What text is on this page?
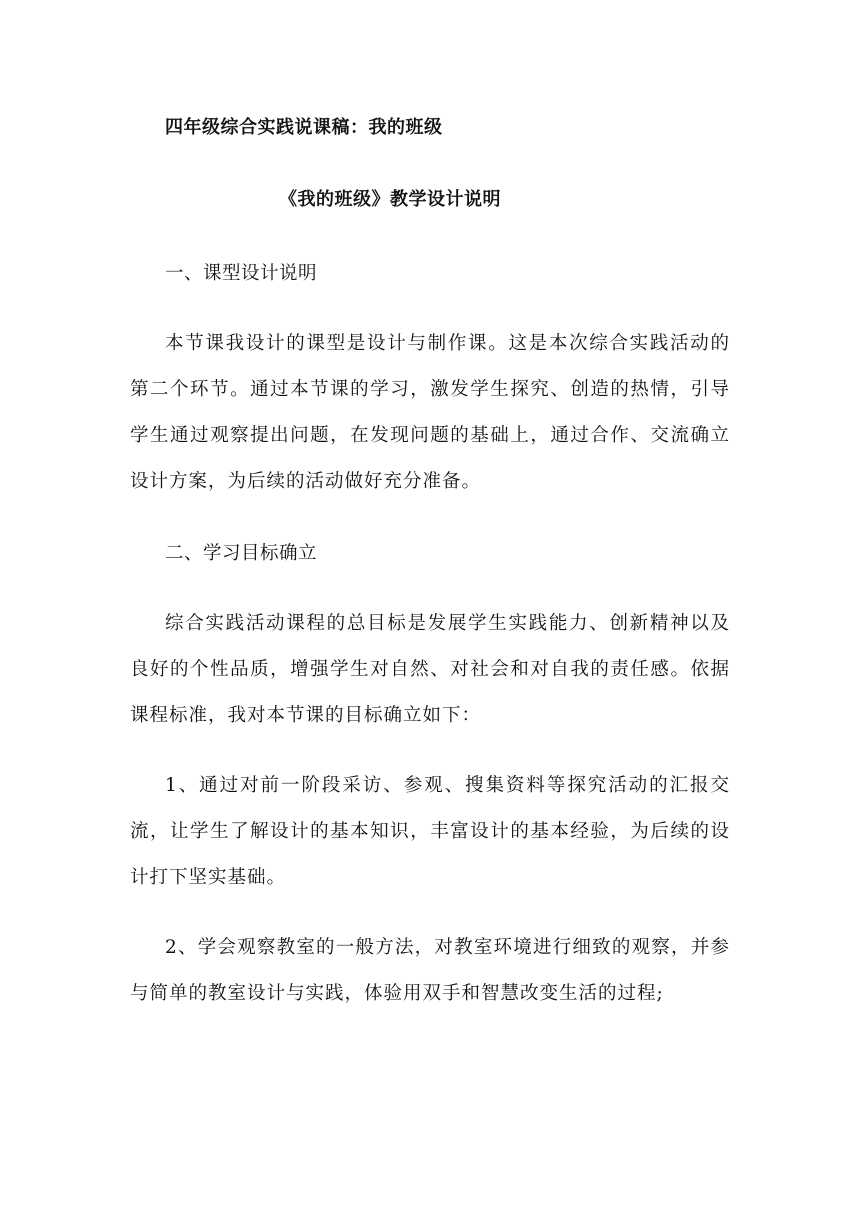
四年级综合实践说课稿：我的班级
《我的班级》教学设计说明
一、课型设计说明
本节课我设计的课型是设计与制作课。这是本次综合实践活动的第二个环节。通过本节课的学习，激发学生探究、创造的热情，引导学生通过观察提出问题，在发现问题的基础上，通过合作、交流确立设计方案，为后续的活动做好充分准备。
二、学习目标确立
综合实践活动课程的总目标是发展学生实践能力、创新精神以及良好的个性品质，增强学生对自然、对社会和对自我的责任感。依据课程标准，我对本节课的目标确立如下：
1、通过对前一阶段采访、参观、搜集资料等探究活动的汇报交流，让学生了解设计的基本知识，丰富设计的基本经验，为后续的设计打下坚实基础。
2、学会观察教室的一般方法，对教室环境进行细致的观察，并参与简单的教室设计与实践，体验用双手和智慧改变生活的过程;
